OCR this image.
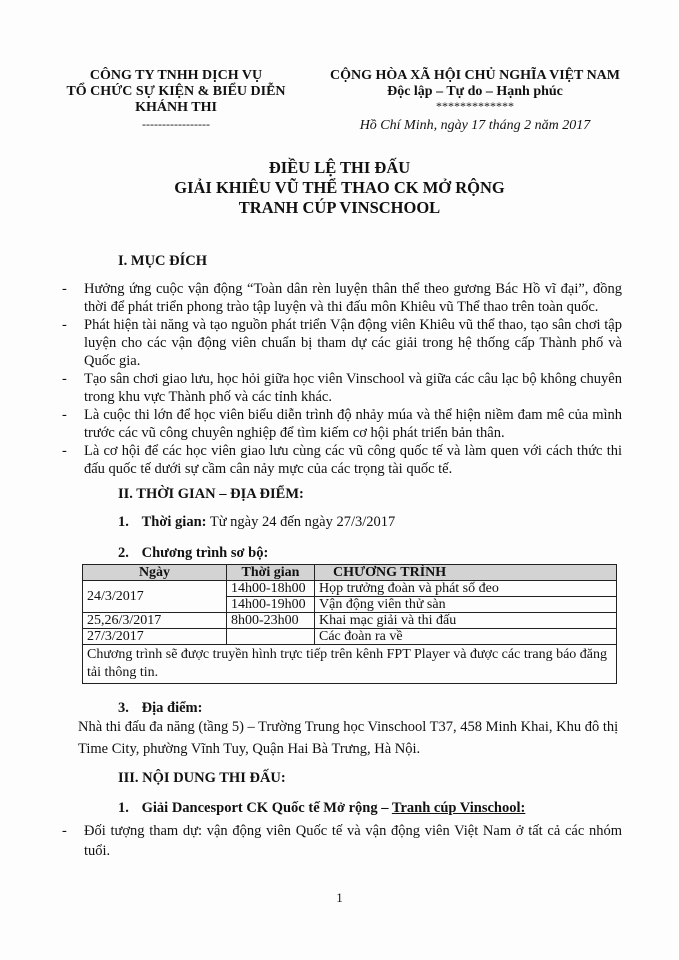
CÔNG TY TNHH DỊCH VỤ
TỔ CHỨC SỰ KIỆN & BIỂU DIỄN
KHÁNH THI
-----------------
CỘNG HÒA XÃ HỘI CHỦ NGHĨA VIỆT NAM
Độc lập – Tự do – Hạnh phúc
*************
Hồ Chí Minh, ngày 17 tháng 2 năm 2017
ĐIỀU LỆ THI ĐẤU
GIẢI KHIÊU VŨ THỂ THAO CK MỞ RỘNG
TRANH CÚP VINSCHOOL
I. MỤC ĐÍCH
-	Hưởng ứng cuộc vận động “Toàn dân rèn luyện thân thể theo gương Bác Hồ vĩ đại”, đồng thời để phát triển phong trào tập luyện và thi đấu môn Khiêu vũ Thể thao trên toàn quốc.
-	Phát hiện tài năng và tạo nguồn phát triển Vận động viên Khiêu vũ thể thao, tạo sân chơi tập luyện cho các vận động viên chuẩn bị tham dự các giải trong hệ thống cấp Thành phố và Quốc gia.
-	Tạo sân chơi giao lưu, học hỏi giữa học viên Vinschool và giữa các câu lạc bộ không chuyên trong khu vực Thành phố và các tỉnh khác.
-	Là cuộc thi lớn để học viên biểu diễn trình độ nhảy múa và thể hiện niềm đam mê của mình trước các vũ công chuyên nghiệp để tìm kiếm cơ hội phát triển bản thân.
-	Là cơ hội để các học viên giao lưu cùng các vũ công quốc tế và làm quen với cách thức thi đấu quốc tế dưới sự cầm cân nảy mực của các trọng tài quốc tế.
II. THỜI GIAN – ĐỊA ĐIỂM:
1. Thời gian: Từ ngày 24 đến ngày 27/3/2017
2. Chương trình sơ bộ:
Ngày	Thời gian	CHƯƠNG TRÌNH
24/3/2017	14h00-18h00	Họp trưởng đoàn và phát số đeo
	14h00-19h00	Vận động viên thử sàn
25,26/3/2017	8h00-23h00	Khai mạc giải và thi đấu
27/3/2017		Các đoàn ra về
Chương trình sẽ được truyền hình trực tiếp trên kênh FPT Player và được các trang báo đăng tải thông tin.		
3. Địa điểm:
Nhà thi đấu đa năng (tầng 5) – Trường Trung học Vinschool T37, 458 Minh Khai, Khu đô thị Time City, phường Vĩnh Tuy, Quận Hai Bà Trưng, Hà Nội.
III. NỘI DUNG THI ĐẤU:
1. Giải Dancesport CK Quốc tế Mở rộng – Tranh cúp Vinschool:
-	Đối tượng tham dự: vận động viên Quốc tế và vận động viên Việt Nam ở tất cả các nhóm tuổi.
1
